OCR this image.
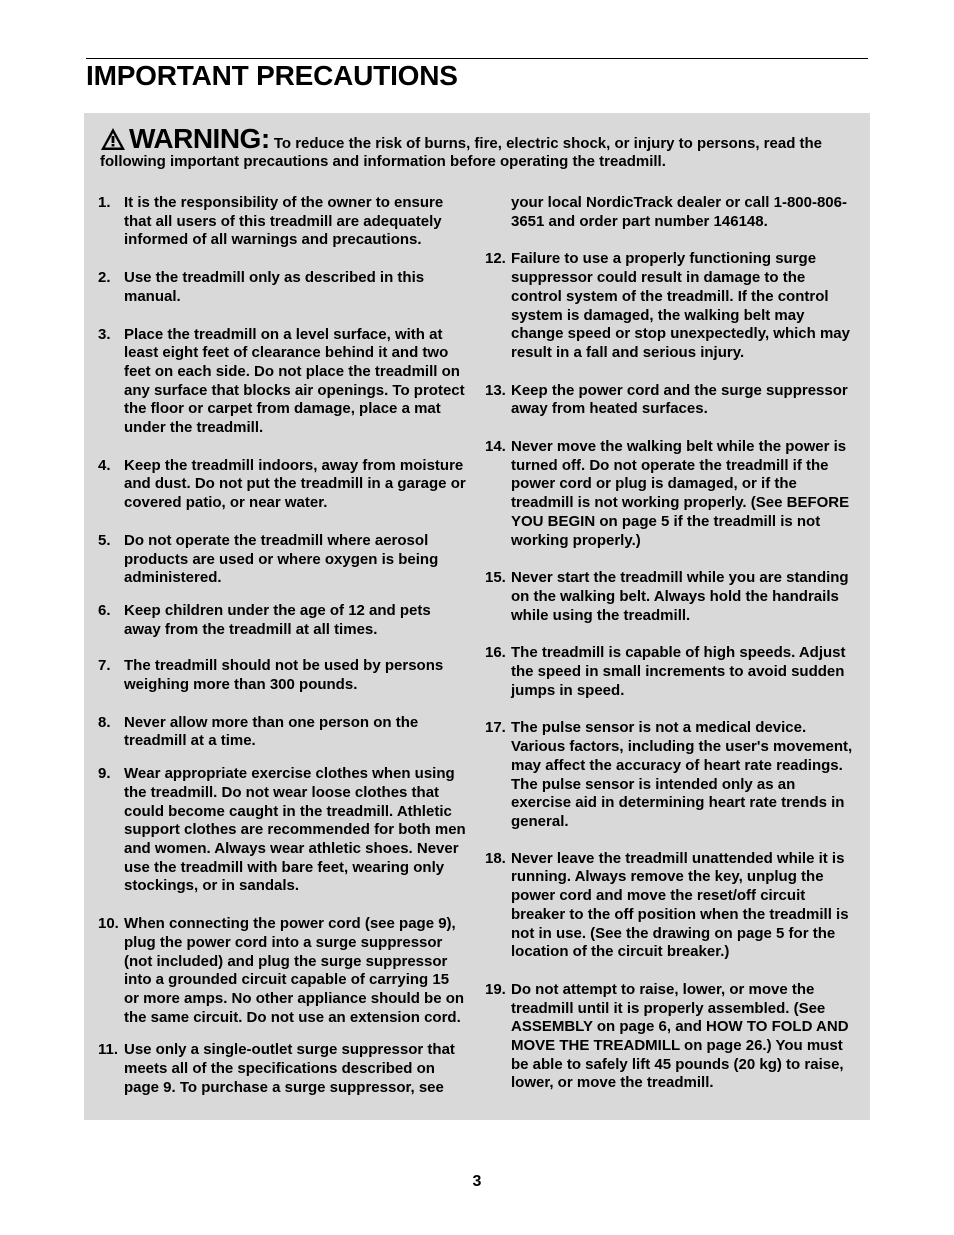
IMPORTANT PRECAUTIONS
WARNING: To reduce the risk of burns, fire, electric shock, or injury to persons, read the following important precautions and information before operating the treadmill.
1. It is the responsibility of the owner to ensure that all users of this treadmill are adequately informed of all warnings and precautions.
2. Use the treadmill only as described in this manual.
3. Place the treadmill on a level surface, with at least eight feet of clearance behind it and two feet on each side. Do not place the treadmill on any surface that blocks air openings. To protect the floor or carpet from damage, place a mat under the treadmill.
4. Keep the treadmill indoors, away from moisture and dust. Do not put the treadmill in a garage or covered patio, or near water.
5. Do not operate the treadmill where aerosol products are used or where oxygen is being administered.
6. Keep children under the age of 12 and pets away from the treadmill at all times.
7. The treadmill should not be used by persons weighing more than 300 pounds.
8. Never allow more than one person on the treadmill at a time.
9. Wear appropriate exercise clothes when using the treadmill. Do not wear loose clothes that could become caught in the treadmill. Athletic support clothes are recommended for both men and women. Always wear athletic shoes. Never use the treadmill with bare feet, wearing only stockings, or in sandals.
10. When connecting the power cord (see page 9), plug the power cord into a surge suppressor (not included) and plug the surge suppressor into a grounded circuit capable of carrying 15 or more amps. No other appliance should be on the same circuit. Do not use an extension cord.
11. Use only a single-outlet surge suppressor that meets all of the specifications described on page 9. To purchase a surge suppressor, see
your local NordicTrack dealer or call 1-800-806-3651 and order part number 146148.
12. Failure to use a properly functioning surge suppressor could result in damage to the control system of the treadmill. If the control system is damaged, the walking belt may change speed or stop unexpectedly, which may result in a fall and serious injury.
13. Keep the power cord and the surge suppressor away from heated surfaces.
14. Never move the walking belt while the power is turned off. Do not operate the treadmill if the power cord or plug is damaged, or if the treadmill is not working properly. (See BEFORE YOU BEGIN on page 5 if the treadmill is not working properly.)
15. Never start the treadmill while you are standing on the walking belt. Always hold the handrails while using the treadmill.
16. The treadmill is capable of high speeds. Adjust the speed in small increments to avoid sudden jumps in speed.
17. The pulse sensor is not a medical device. Various factors, including the user's movement, may affect the accuracy of heart rate readings. The pulse sensor is intended only as an exercise aid in determining heart rate trends in general.
18. Never leave the treadmill unattended while it is running. Always remove the key, unplug the power cord and move the reset/off circuit breaker to the off position when the treadmill is not in use. (See the drawing on page 5 for the location of the circuit breaker.)
19. Do not attempt to raise, lower, or move the treadmill until it is properly assembled. (See ASSEMBLY on page 6, and HOW TO FOLD AND MOVE THE TREADMILL on page 26.) You must be able to safely lift 45 pounds (20 kg) to raise, lower, or move the treadmill.
3
